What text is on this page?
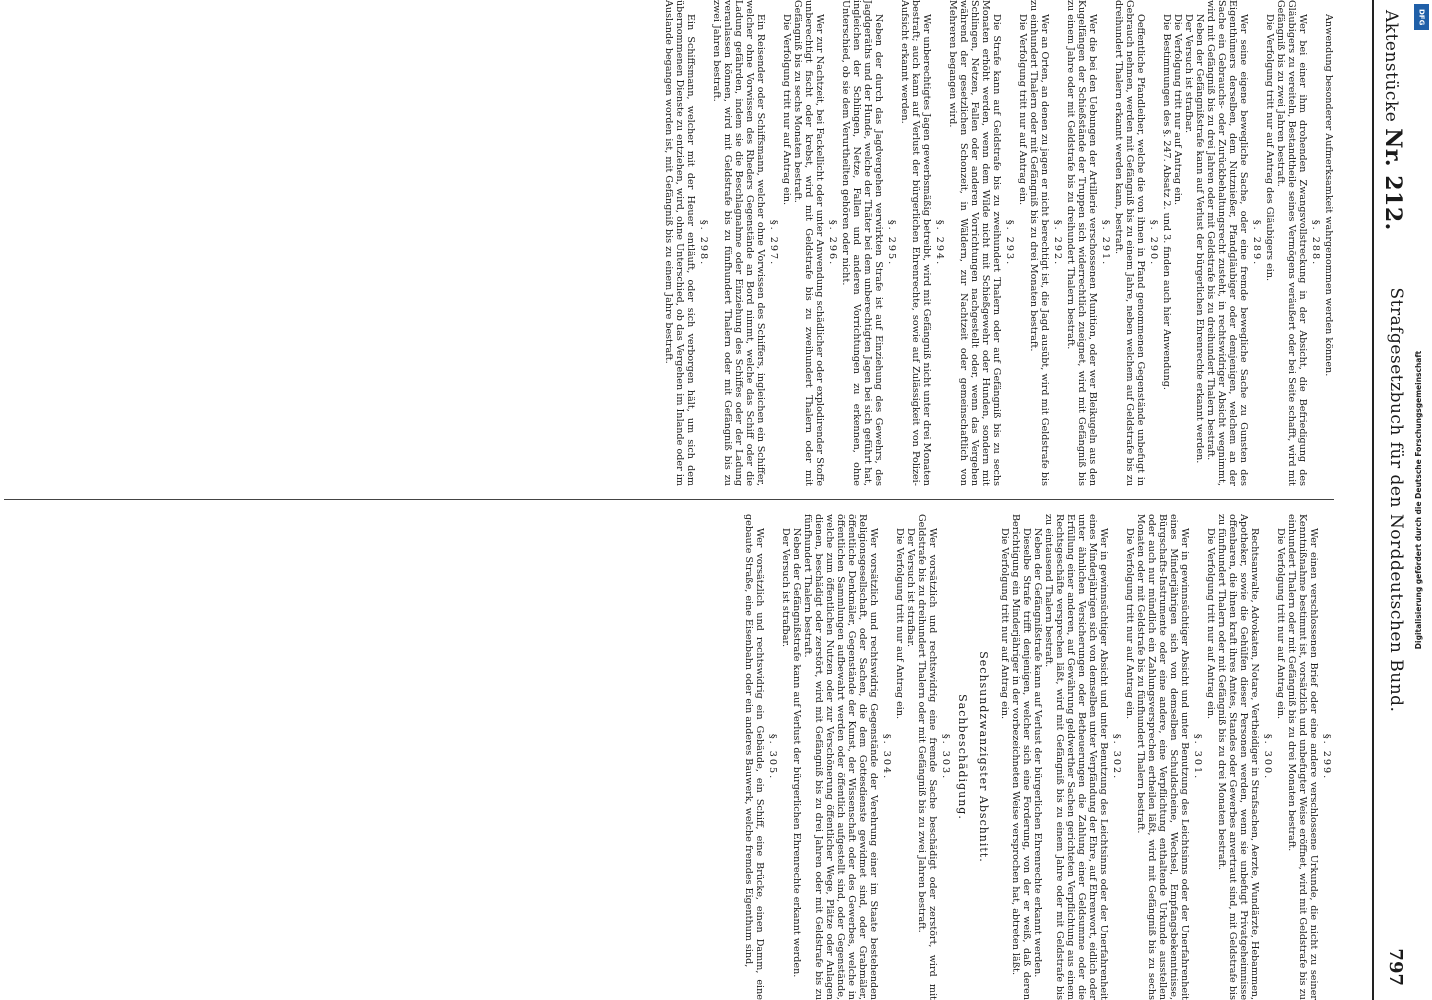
Aktenstücke Nr. 212.
Strafgesetzbuch für den Norddeutschen Bund.
797
Anwendung besonderer Aufmerksamkeit wahrgenommen werden können.
§. 288.
Wer bei einer ihm drohenden Zwangsvollstreckung in der Absicht, die Befriedigung des Gläubigers zu vereiteln, Bestandtheile seines Vermögens veräußert oder bei Seite schafft, wird mit Gefängniß bis zu zwei Jahren bestraft.
Die Verfolgung tritt nur auf Antrag des Gläubigers ein.
§. 289.
Wer seine eigene bewegliche Sache, oder eine fremde bewegliche Sache zu Gunsten des Eigenthümers derselben, dem Nutznießer, Pfandgläubiger oder demjenigen, welchem an der Sache ein Gebrauchs- oder Zurückbehaltungsrecht zusteht, in rechtswidriger Absicht wegnimmt, wird mit Gefängniß bis zu drei Jahren oder mit Geldstrafe bis zu dreihundert Thalern bestraft.
Neben der Gefängnißstrafe kann auf Verlust der bürgerlichen Ehrenrechte erkannt werden.
Der Versuch ist strafbar.
Die Verfolgung tritt nur auf Antrag ein.
Die Bestimmungen des §. 247. Absatz 2. und 3. finden auch hier Anwendung.
§. 290.
Oeffentliche Pfandleiher, welche die von ihnen in Pfand genommenen Gegenstände unbefugt in Gebrauch nehmen, werden mit Gefängniß bis zu einem Jahre, neben welchem auf Geldstrafe bis zu dreihundert Thalern erkannt werden kann, bestraft.
§. 291.
Wer die bei den Uebungen der Artillerie verschossenen Munition, oder wer Bleikugeln aus den Kugelfängen der Schießstände der Truppen sich widerrechtlich zueignet, wird mit Gefängniß bis zu einem Jahre oder mit Geldstrafe bis zu dreihundert Thalern bestraft.
§. 292.
Wer an Orten, an denen zu jagen er nicht berechtigt ist, die Jagd ausübt, wird mit Geldstrafe bis zu einhundert Thalern oder mit Gefängniß bis zu drei Monaten bestraft.
Die Verfolgung tritt nur auf Antrag ein.
§. 293.
Die Strafe kann auf Geldstrafe bis zu zweihundert Thalern oder auf Gefängniß bis zu sechs Monaten erhöht werden, wenn dem Wilde nicht mit Schießgewehr oder Hunden, sondern mit Schlingen, Netzen, Fallen oder anderen Vorrichtungen nachgestellt oder, wenn das Vergehen während der gesetzlichen Schonzeit, in Wäldern, zur Nachtzeit oder gemeinschaftlich von Mehreren begangen wird.
§. 294.
Wer unberechtigtes Jagen gewerbsmäßig betreibt, wird mit Gefängniß nicht unter drei Monaten bestraft; auch kann auf Verlust der bürgerlichen Ehrenrechte, sowie auf Zulässigkeit von Polizei-Aufsicht erkannt werden.
§. 295.
Neben der durch das Jagdvergehen verwirkten Strafe ist auf Einziehung des Gewehrs, des Jagdgeräths und der Hunde, welche der Thäter bei dem unberechtigten Jagen bei sich geführt hat, ingleichen der Schlingen, Netze, Fallen und anderen Vorrichtungen zu erkennen, ohne Unterschied, ob sie dem Verurtheilten gehören oder nicht.
§. 296.
Wer zur Nachtzeit, bei Fackellicht oder unter Anwendung schädlicher oder explodirender Stoffe unberechtigt fischt oder krebst, wird mit Geldstrafe bis zu zweihundert Thalern oder mit Gefängniß bis zu sechs Monaten bestraft.
Die Verfolgung tritt nur auf Antrag ein.
§. 297.
Ein Reisender oder Schiffsmann, welcher ohne Vorwissen des Schiffers, ingleichen ein Schiffer, welcher ohne Vorwissen des Rheders Gegenstände an Bord nimmt, welche das Schiff oder die Ladung gefährden, indem sie die Beschlagnahme oder Einziehung des Schiffes oder der Ladung veranlassen können, wird mit Geldstrafe bis zu fünfhundert Thalern oder mit Gefängniß bis zu zwei Jahren bestraft.
§. 298.
Ein Schiffsmann, welcher mit der Heuer entläuft, oder sich verborgen hält, um sich dem übernommenen Dienste zu entziehen, wird, ohne Unterschied, ob das Vergehen im Inlande oder im Auslande begangen worden ist, mit Gefängniß bis zu einem Jahre bestraft.
§. 299.
Wer einen verschlossenen Brief oder eine andere verschlossene Urkunde, die nicht zu seiner Kenntnißnahme bestimmt ist, vorsätzlich und unbefugter Weise eröffnet, wird mit Geldstrafe bis zu einhundert Thalern oder mit Gefängniß bis zu drei Monaten bestraft.
Die Verfolgung tritt nur auf Antrag ein.
§. 300.
Rechtsanwalte, Advokaten, Notare, Vertheidiger in Strafsachen, Aerzte, Wundärzte, Hebammen, Apotheker, sowie die Gehülfen dieser Personen werden, wenn sie unbefugt Privatgeheimnisse offenbaren, die ihnen kraft ihres Amtes, Standes oder Gewerbes anvertraut sind, mit Geldstrafe bis zu fünfhundert Thalern oder mit Gefängniß bis zu drei Monaten bestraft.
Die Verfolgung tritt nur auf Antrag ein.
§. 301.
Wer in gewinnsüchtiger Absicht und unter Benutzung des Leichtsinns oder der Unerfahrenheit eines Minderjährigen sich von demselben Schuldscheine, Wechsel, Empfangsbekenntnisse, Bürgschafts-Instrumente oder eine andere, eine Verpflichtung enthaltende Urkunde ausstellen oder auch nur mündlich ein Zahlungsversprechen ertheilen läßt, wird mit Gefängniß bis zu sechs Monaten oder mit Geldstrafe bis zu fünfhundert Thalern bestraft.
Die Verfolgung tritt nur auf Antrag ein.
§. 302.
Wer in gewinnsüchtiger Absicht und unter Benutzung des Leichtsinns oder der Unerfahrenheit eines Minderjährigen sich von demselben unter Verpfändung der Ehre, auf Ehrenwort, eidlich oder unter ähnlichen Versicherungen oder Betheuerungen die Zahlung einer Geldsumme oder die Erfüllung einer anderen, auf Gewährung geldwerther Sachen gerichteten Verpflichtung aus einem Rechtsgeschäfte versprechen läßt, wird mit Gefängniß bis zu einem Jahre oder mit Geldstrafe bis zu eintausend Thalern bestraft.
Neben der Gefängnißstrafe kann auf Verlust der bürgerlichen Ehrenrechte erkannt werden.
Dieselbe Strafe trifft denjenigen, welcher sich eine Forderung, von der er weiß, daß deren Berichtigung ein Minderjähriger in der vorbezeichneten Weise versprochen hat, abtreten läßt.
Die Verfolgung tritt nur auf Antrag ein.
Sechsundzwanzigster Abschnitt.
Sachbeschädigung.
§. 303.
Wer vorsätzlich und rechtswidrig eine fremde Sache beschädigt oder zerstört, wird mit Geldstrafe bis zu dreihundert Thalern oder mit Gefängniß bis zu zwei Jahren bestraft.
Der Versuch ist strafbar.
Die Verfolgung tritt nur auf Antrag ein.
§. 304.
Wer vorsätzlich und rechtswidrig Gegenstände der Verehrung einer im Staate bestehenden Religionsgesellschaft, oder Sachen, die dem Gottesdienste gewidmet sind, oder Grabmäler, öffentliche Denkmäler, Gegenstände der Kunst, der Wissenschaft oder des Gewerbes, welche in öffentlichen Sammlungen aufbewahrt werden oder öffentlich aufgestellt sind, oder Gegenstände, welche zum öffentlichen Nutzen oder zur Verschönerung öffentlicher Wege, Plätze oder Anlagen dienen, beschädigt oder zerstört, wird mit Gefängniß bis zu drei Jahren oder mit Geldstrafe bis zu fünfhundert Thalern bestraft.
Neben der Gefängnißstrafe kann auf Verlust der bürgerlichen Ehrenrechte erkannt werden.
Der Versuch ist strafbar.
§. 305.
Wer vorsätzlich und rechtswidrig ein Gebäude, ein Schiff, eine Brücke, einen Damm, eine gebaute Straße, eine Eisenbahn oder ein anderes Bauwerk, welche fremdes Eigenthum sind,
DFG
Digitalisierung gefördert durch die Deutsche Forschungsgemeinschaft
